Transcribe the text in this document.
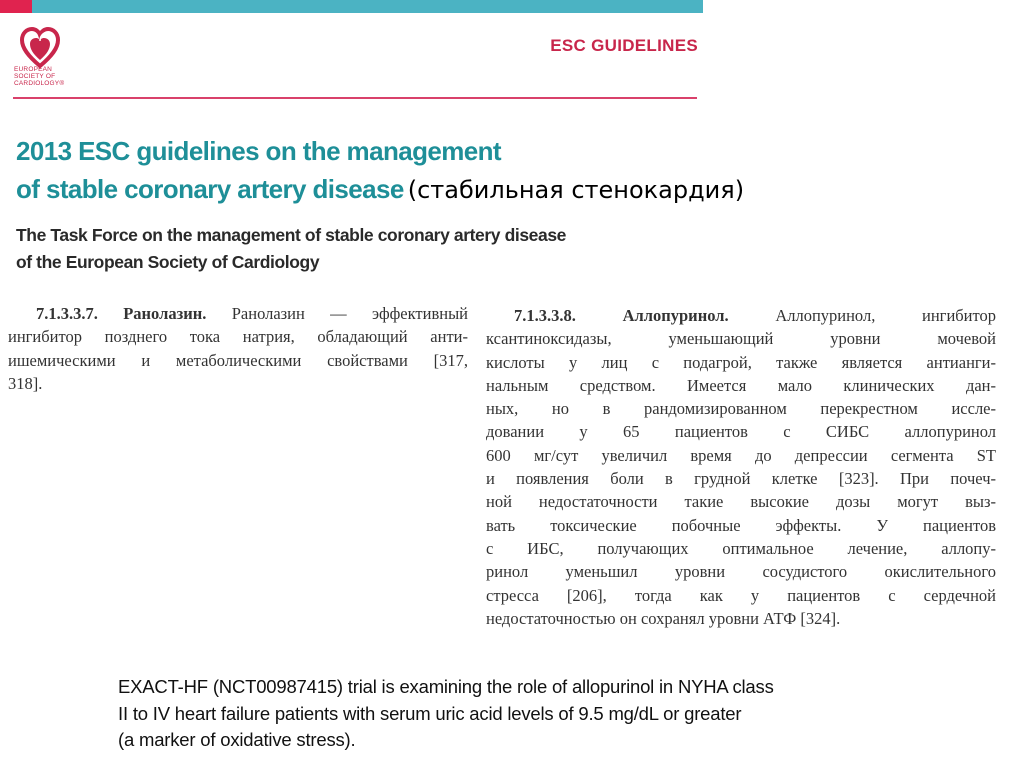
EUROPEAN
SOCIETY OF
CARDIOLOGY®
ESC GUIDELINES
2013 ESC guidelines on the management
of stable coronary artery disease (стабильная стенокардия)
The Task Force on the management of stable coronary artery disease
of the European Society of Cardiology
7.1.3.3.7. Ранолазин. Ранолазин — эффективный
ингибитор позднего тока натрия, обладающий анти-
ишемическими и метаболическими свойствами [317,
318].
7.1.3.3.8. Аллопуринол.	Аллопуринол, ингибитор
ксантиноксидазы, уменьшающий уровни мочевой
кислоты у лиц с подагрой, также является антианги-
нальным средством. Имеется мало клинических дан-
ных, но в рандомизированном перекрестном иссле-
довании у 65 пациентов с СИБС аллопуринол
600 мг/сут увеличил время до депрессии сегмента ST
и появления боли в грудной клетке [323]. При почеч-
ной недостаточности такие высокие дозы могут выз-
вать токсические побочные эффекты. У пациентов
с ИБС, получающих оптимальное лечение, аллопу-
ринол уменьшил уровни сосудистого окислительного
стресса [206], тогда как у пациентов с сердечной
недостаточностью он сохранял уровни АТФ [324].
EXACT-HF (NCT00987415) trial is examining the role of allopurinol in NYHA class
II to IV heart failure patients with serum uric acid levels of 9.5 mg/dL or greater
(a marker of oxidative stress).
